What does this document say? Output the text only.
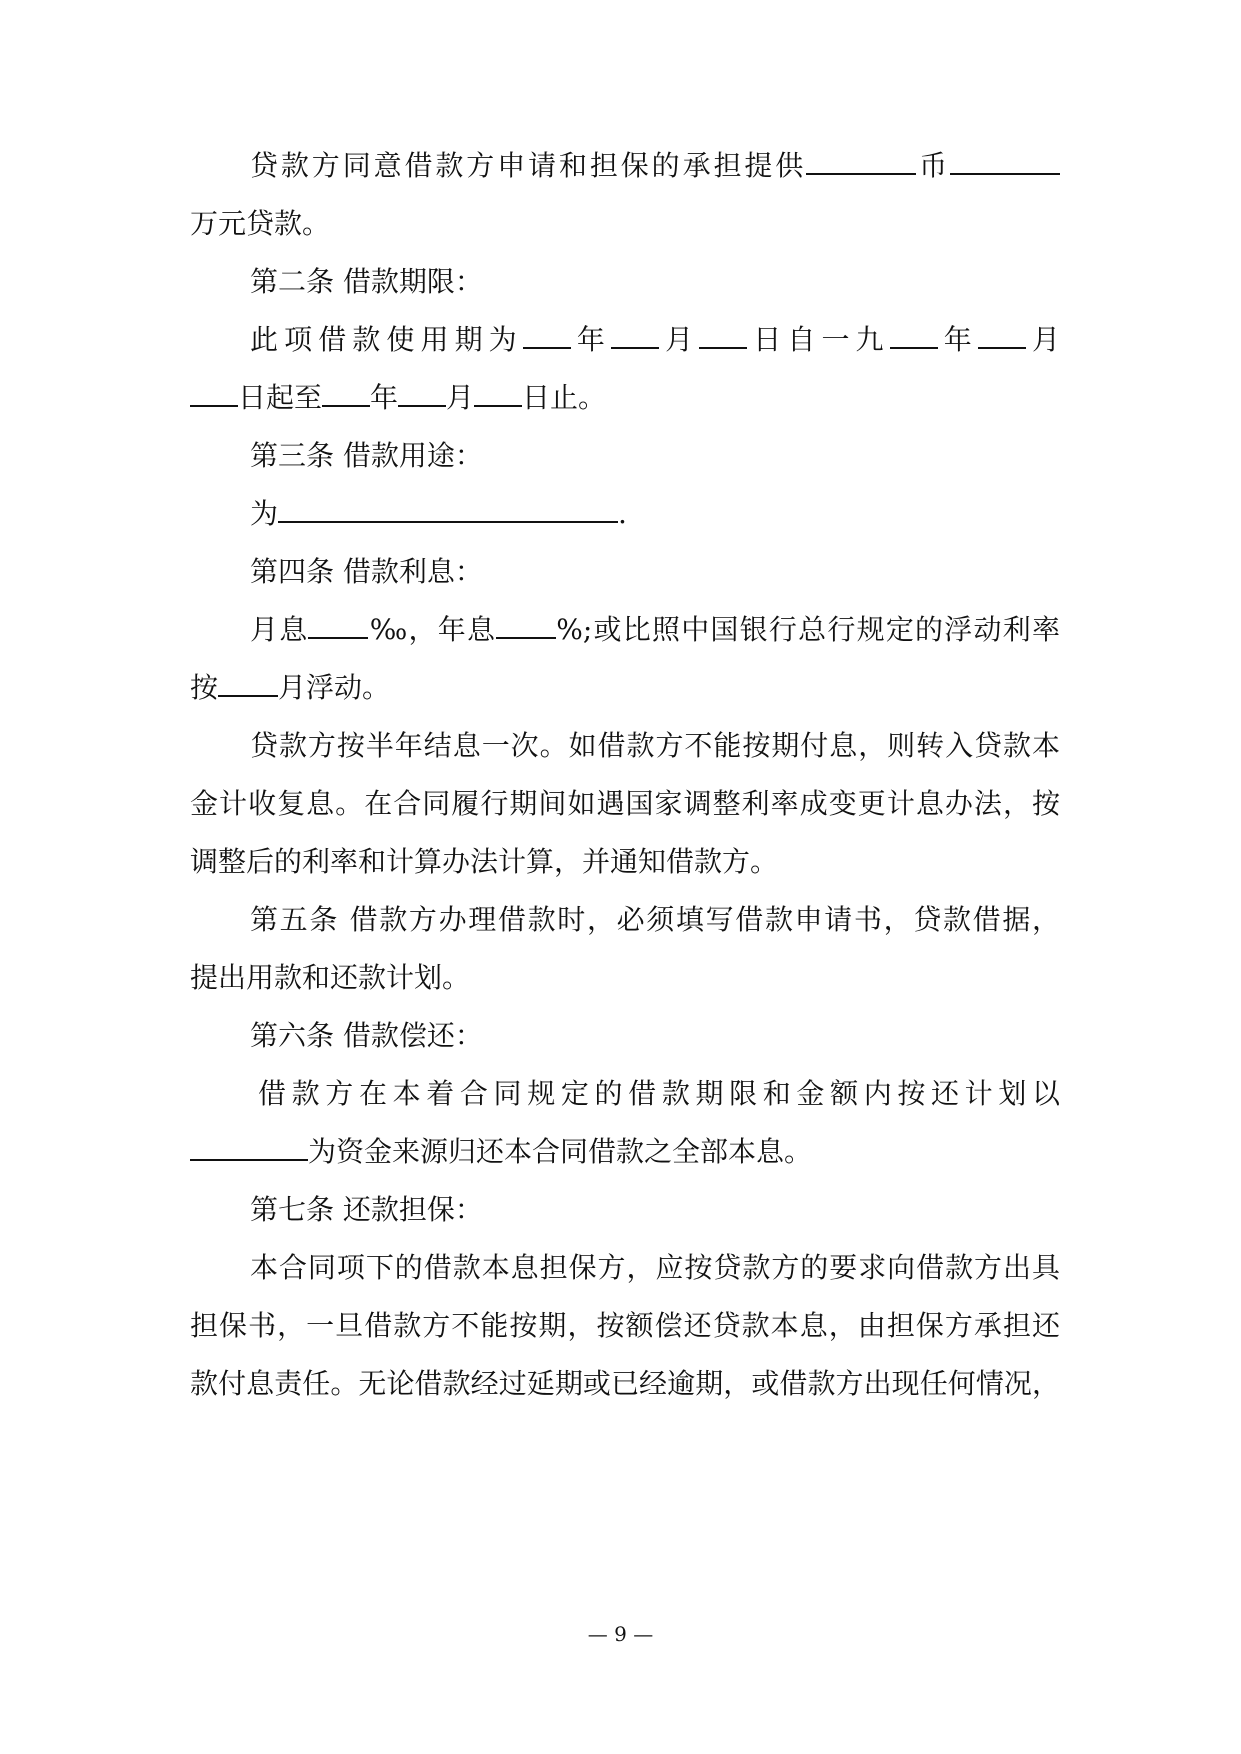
贷款方同意借款方申请和担保的承担提供	币
万元贷款。
第二条 借款期限：
此项借款使用期为 年 月 日自一九 年 月
日起至 年 月 日止。
第三条 借款用途：
为	.
第四条 借款利息：
月息 ‰，年息 %;或比照中国银行总行规定的浮动利率
按 月浮动。
贷款方按半年结息一次。如借款方不能按期付息，则转入贷款本
金计收复息。在合同履行期间如遇国家调整利率成变更计息办法，按
调整后的利率和计算办法计算，并通知借款方。
第五条 借款方办理借款时，必须填写借款申请书，贷款借据，
提出用款和还款计划。
第六条 借款偿还：
借款方在本着合同规定的借款期限和金额内按还计划以
为资金来源归还本合同借款之全部本息。
第七条 还款担保：
本合同项下的借款本息担保方，应按贷款方的要求向借款方出具
担保书，一旦借款方不能按期，按额偿还贷款本息，由担保方承担还
款付息责任。无论借款经过延期或已经逾期，或借款方出现任何情况，
— 9 —
